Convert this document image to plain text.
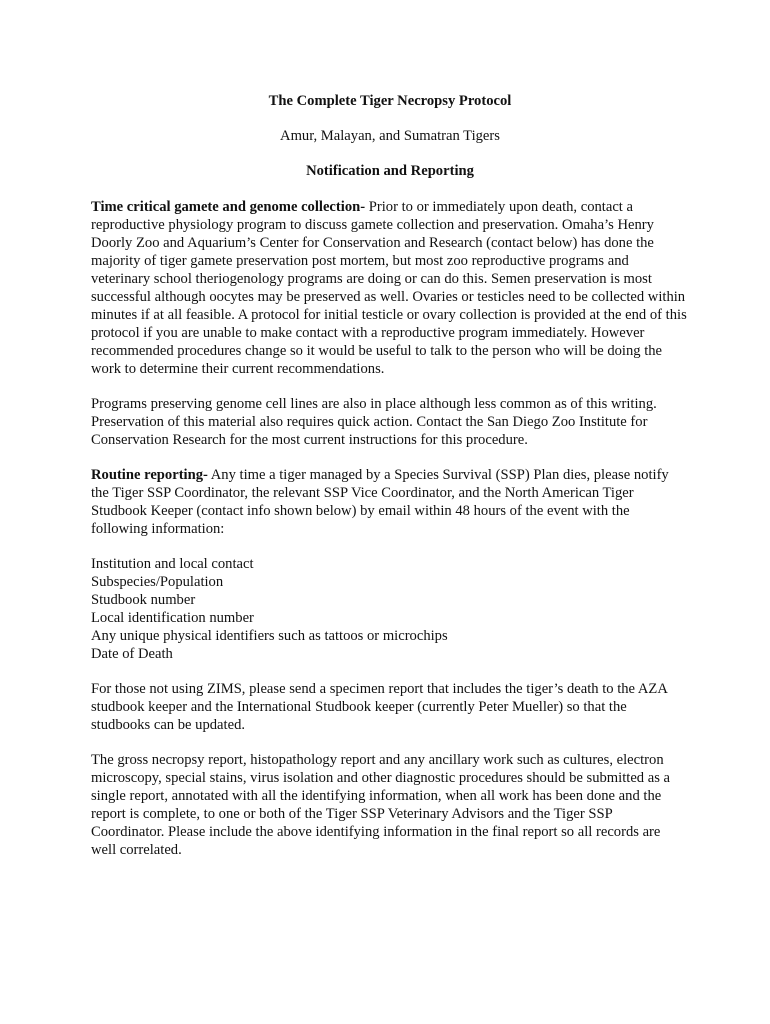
The Complete Tiger Necropsy Protocol
Amur, Malayan, and Sumatran Tigers
Notification and Reporting

Time critical gamete and genome collection- Prior to or immediately upon death, contact a reproductive physiology program to discuss gamete collection and preservation. Omaha’s Henry Doorly Zoo and Aquarium’s Center for Conservation and Research (contact below) has done the majority of tiger gamete preservation post mortem, but most zoo reproductive programs and veterinary school theriogenology programs are doing or can do this. Semen preservation is most successful although oocytes may be preserved as well. Ovaries or testicles need to be collected within minutes if at all feasible. A protocol for initial testicle or ovary collection is provided at the end of this protocol if you are unable to make contact with a reproductive program immediately. However recommended procedures change so it would be useful to talk to the person who will be doing the work to determine their current recommendations.

Programs preserving genome cell lines are also in place although less common as of this writing. Preservation of this material also requires quick action. Contact the San Diego Zoo Institute for Conservation Research for the most current instructions for this procedure.

Routine reporting- Any time a tiger managed by a Species Survival (SSP) Plan dies, please notify the Tiger SSP Coordinator, the relevant SSP Vice Coordinator, and the North American Tiger Studbook Keeper (contact info shown below) by email within 48 hours of the event with the following information:

Institution and local contact
Subspecies/Population
Studbook number
Local identification number
Any unique physical identifiers such as tattoos or microchips
Date of Death

For those not using ZIMS, please send a specimen report that includes the tiger’s death to the AZA studbook keeper and the International Studbook keeper (currently Peter Mueller) so that the studbooks can be updated.

The gross necropsy report, histopathology report and any ancillary work such as cultures, electron microscopy, special stains, virus isolation and other diagnostic procedures should be submitted as a single report, annotated with all the identifying information, when all work has been done and the report is complete, to one or both of the Tiger SSP Veterinary Advisors and the Tiger SSP Coordinator. Please include the above identifying information in the final report so all records are well correlated.
